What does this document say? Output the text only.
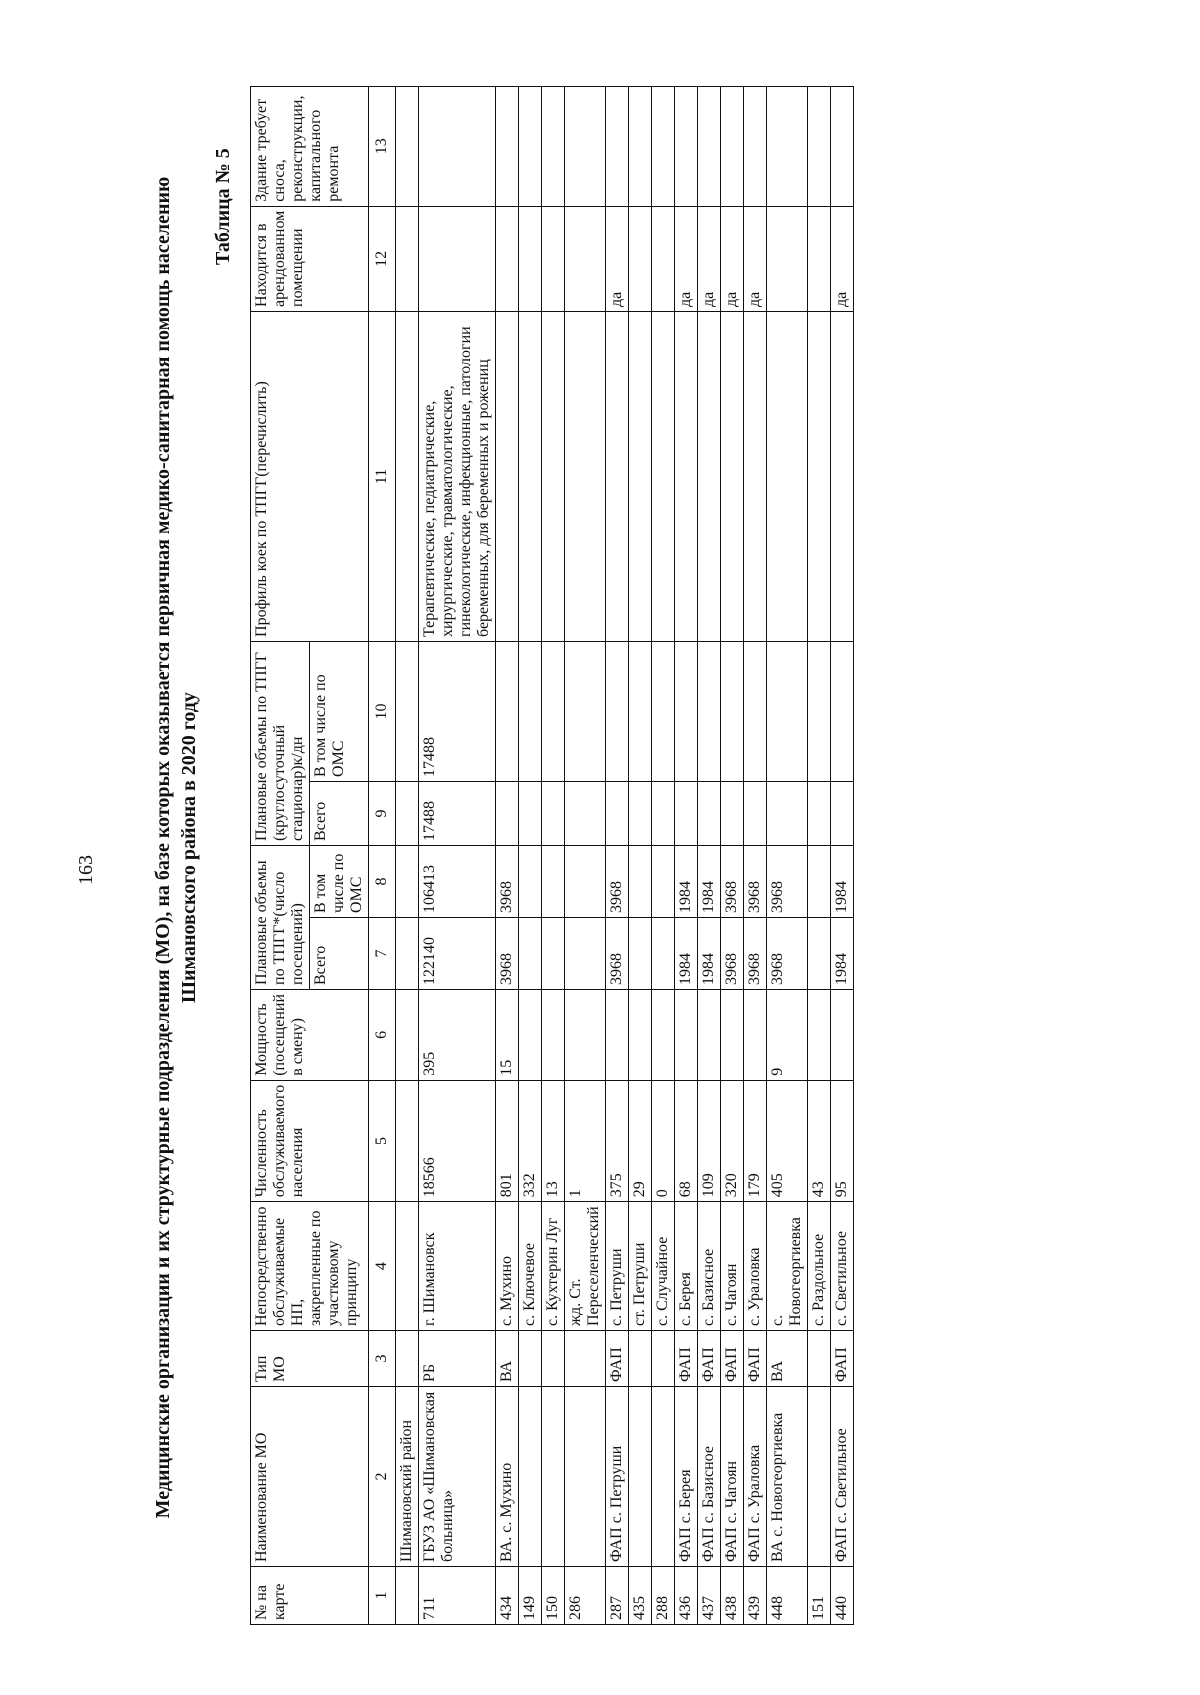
163	Медицинские организации и их структурные подразделения (МО), на базе которых оказывается первичная медико-санитарная помощь населению Шимановского района в 2020 году
Таблица № 5
№ на карте	Наименование МО	Тип МО	Непосредственно обслуживаемые НП, закрепленные по участковому принципу	Численность обслуживаемого населения	Мощность (посещений в смену)	Плановые объемы по ТПГГ*(число посещений)		Плановые объемы по ТПГГ (круглосуточный стационар)к/дн		Профиль коек по ТПГГ(перечислить)	Находится в арендованном помещении	Здание требует сноса, реконструкции, капитального ремонта
						Всего	В том числе по ОМС	Всего	В том числе по ОМС			
1	2	3	4	5	6	7	8	9	10	11	12	13
	Шимановский район											
711	ГБУЗ АО «Шимановская больница»	РБ	г. Шимановск	18566	395	122140	106413	17488	17488	Терапевтические, педиатрические, хирургические, травматологические, гинекологические, инфекционные, патологии беременных, для беременных и рожениц		
434	ВА. с. Мухино	ВА	с. Мухино	801	15	3968	3968					
149			с. Ключевое	332								
150			с. Кухтерин Луг	13								
286			жд. Ст. Переселенческий	1								
287	ФАП с. Петруши	ФАП	с. Петруши	375		3968	3968				да	
435			ст. Петруши	29								
288			с. Случайное	0								
436	ФАП с. Берея	ФАП	с. Берея	68		1984	1984				да	
437	ФАП с. Базисное	ФАП	с. Базисное	109		1984	1984				да	
438	ФАП с. Чагоян	ФАП	с. Чагоян	320		3968	3968				да	
439	ФАП с. Ураловка	ФАП	с. Ураловка	179		3968	3968				да	
448	ВА с. Новогеоргиевка	ВА	с. Новогеоргиевка	405	9	3968	3968					
151			с. Раздольное	43								
440	ФАП с. Светильное	ФАП	с. Светильное	95		1984	1984				да	
